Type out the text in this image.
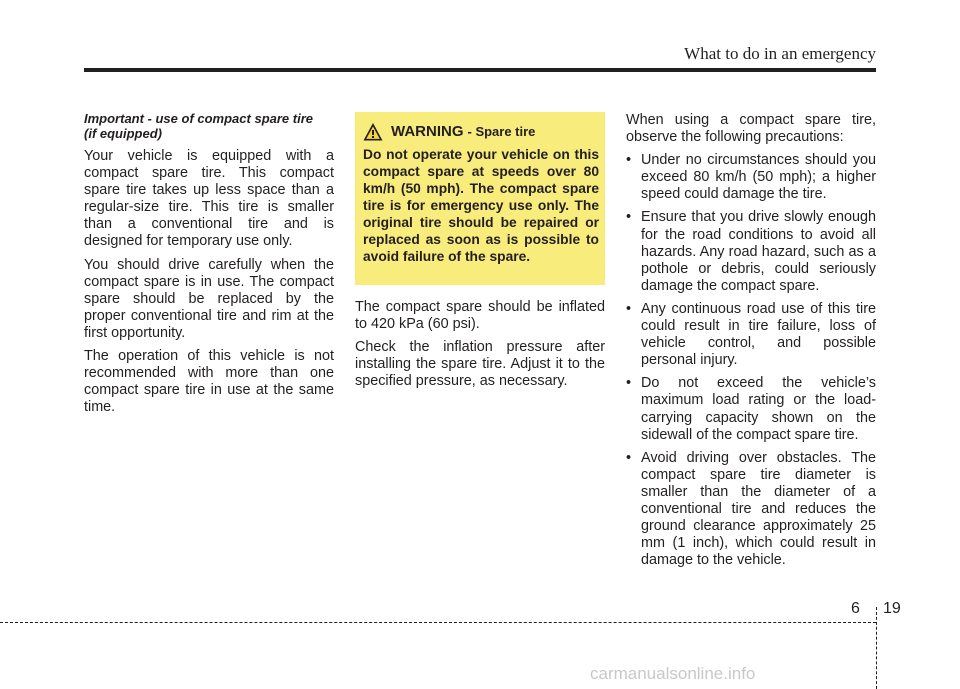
What to do in an emergency

Important - use of compact spare tire
(if equipped)

Your vehicle is equipped with a compact spare tire. This compact spare tire takes up less space than a regular-size tire. This tire is smaller than a conventional tire and is designed for temporary use only.

You should drive carefully when the compact spare is in use. The compact spare should be replaced by the proper conventional tire and rim at the first opportunity.

The operation of this vehicle is not recommended with more than one compact spare tire in use at the same time.

WARNING - Spare tire
Do not operate your vehicle on this compact spare at speeds over 80 km/h (50 mph). The compact spare tire is for emergency use only. The original tire should be repaired or replaced as soon as is possible to avoid failure of the spare.

The compact spare should be inflated to 420 kPa (60 psi).

Check the inflation pressure after installing the spare tire. Adjust it to the specified pressure, as necessary.

When using a compact spare tire, observe the following precautions:

• Under no circumstances should you exceed 80 km/h (50 mph); a higher speed could damage the tire.
• Ensure that you drive slowly enough for the road conditions to avoid all hazards. Any road hazard, such as a pothole or debris, could seriously damage the compact spare.
• Any continuous road use of this tire could result in tire failure, loss of vehicle control, and possible personal injury.
• Do not exceed the vehicle’s maximum load rating or the load-carrying capacity shown on the sidewall of the compact spare tire.
• Avoid driving over obstacles. The compact spare tire diameter is smaller than the diameter of a conventional tire and reduces the ground clearance approximately 25 mm (1 inch), which could result in damage to the vehicle.
6 19
carmanualsonline.info
